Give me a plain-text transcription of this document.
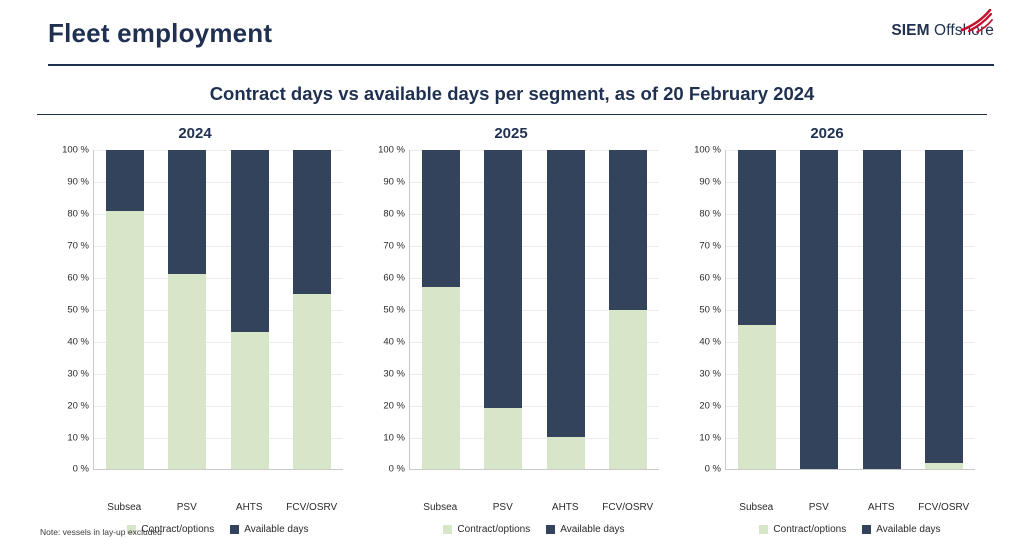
Fleet employment	SIEM Offshore
Contract days vs available days per segment, as of 20 February 2024
2024
100 %
90 %
80 %
70 %
60 %
50 %
40 %
30 %
20 %
10 %
0 %
Subsea	PSV	AHTS	FCV/OSRV
Contract/options	Available days
2025
100 %
90 %
80 %
70 %
60 %
50 %
40 %
30 %
20 %
10 %
0 %
Subsea	PSV	AHTS	FCV/OSRV
Contract/options	Available days
2026
100 %
90 %
80 %
70 %
60 %
50 %
40 %
30 %
20 %
10 %
0 %
Subsea	PSV	AHTS	FCV/OSRV
Contract/options	Available days
Note: vessels in lay-up excluded
